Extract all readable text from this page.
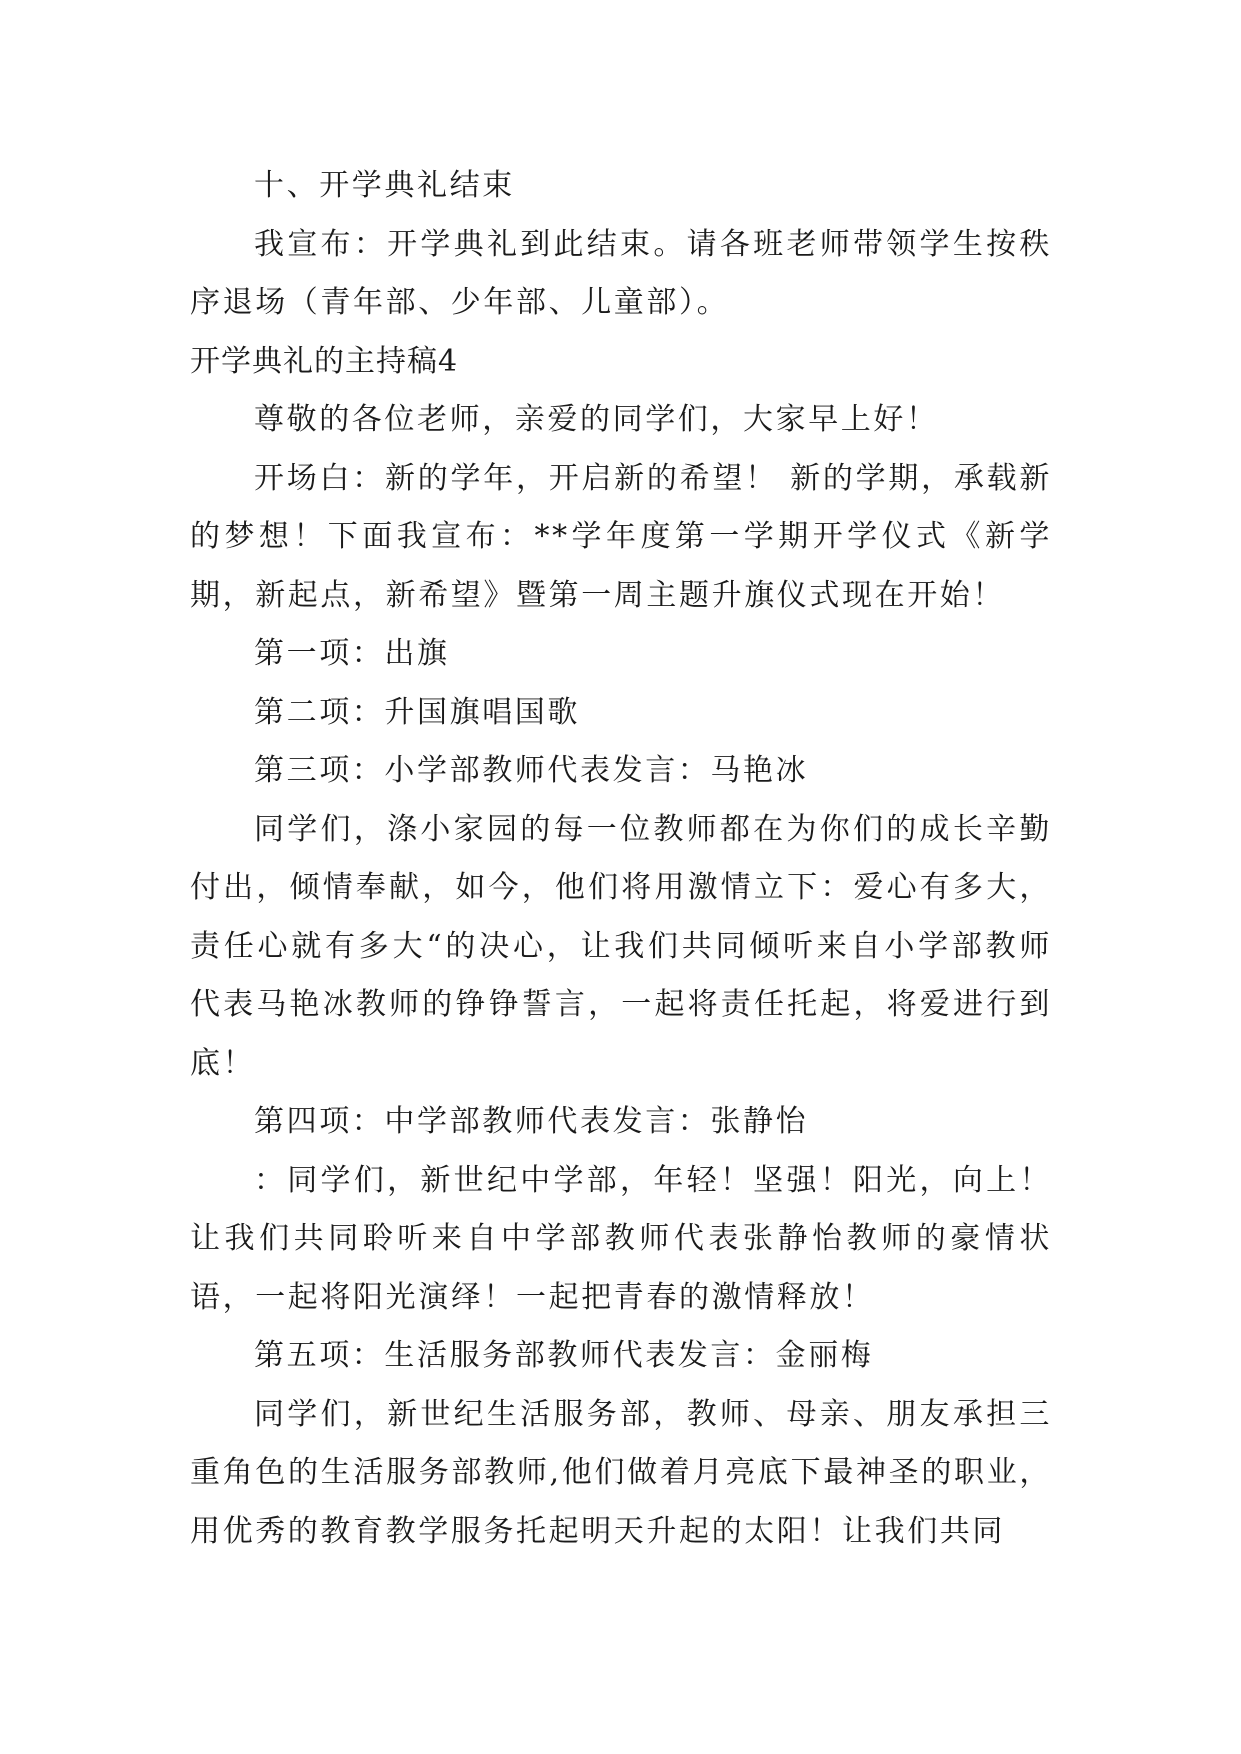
十、开学典礼结束

我宣布：开学典礼到此结束。请各班老师带领学生按秩序退场（青年部、少年部、儿童部）。

开学典礼的主持稿4

尊敬的各位老师，亲爱的同学们，大家早上好！

开场白：新的学年，开启新的希望！ 新的学期，承载新的梦想！下面我宣布：**学年度第一学期开学仪式《新学期，新起点，新希望》暨第一周主题升旗仪式现在开始！

第一项：出旗

第二项：升国旗唱国歌

第三项：小学部教师代表发言：马艳冰

同学们，涤小家园的每一位教师都在为你们的成长辛勤付出，倾情奉献，如今，他们将用激情立下：爱心有多大，责任心就有多大“的决心，让我们共同倾听来自小学部教师代表马艳冰教师的铮铮誓言，一起将责任托起，将爱进行到底！

第四项：中学部教师代表发言：张静怡

：同学们，新世纪中学部，年轻！坚强！阳光，向上！让我们共同聆听来自中学部教师代表张静怡教师的豪情状语，一起将阳光演绎！一起把青春的激情释放！

第五项：生活服务部教师代表发言：金丽梅

同学们，新世纪生活服务部，教师、母亲、朋友承担三重角色的生活服务部教师,他们做着月亮底下最神圣的职业，用优秀的教育教学服务托起明天升起的太阳！让我们共同
